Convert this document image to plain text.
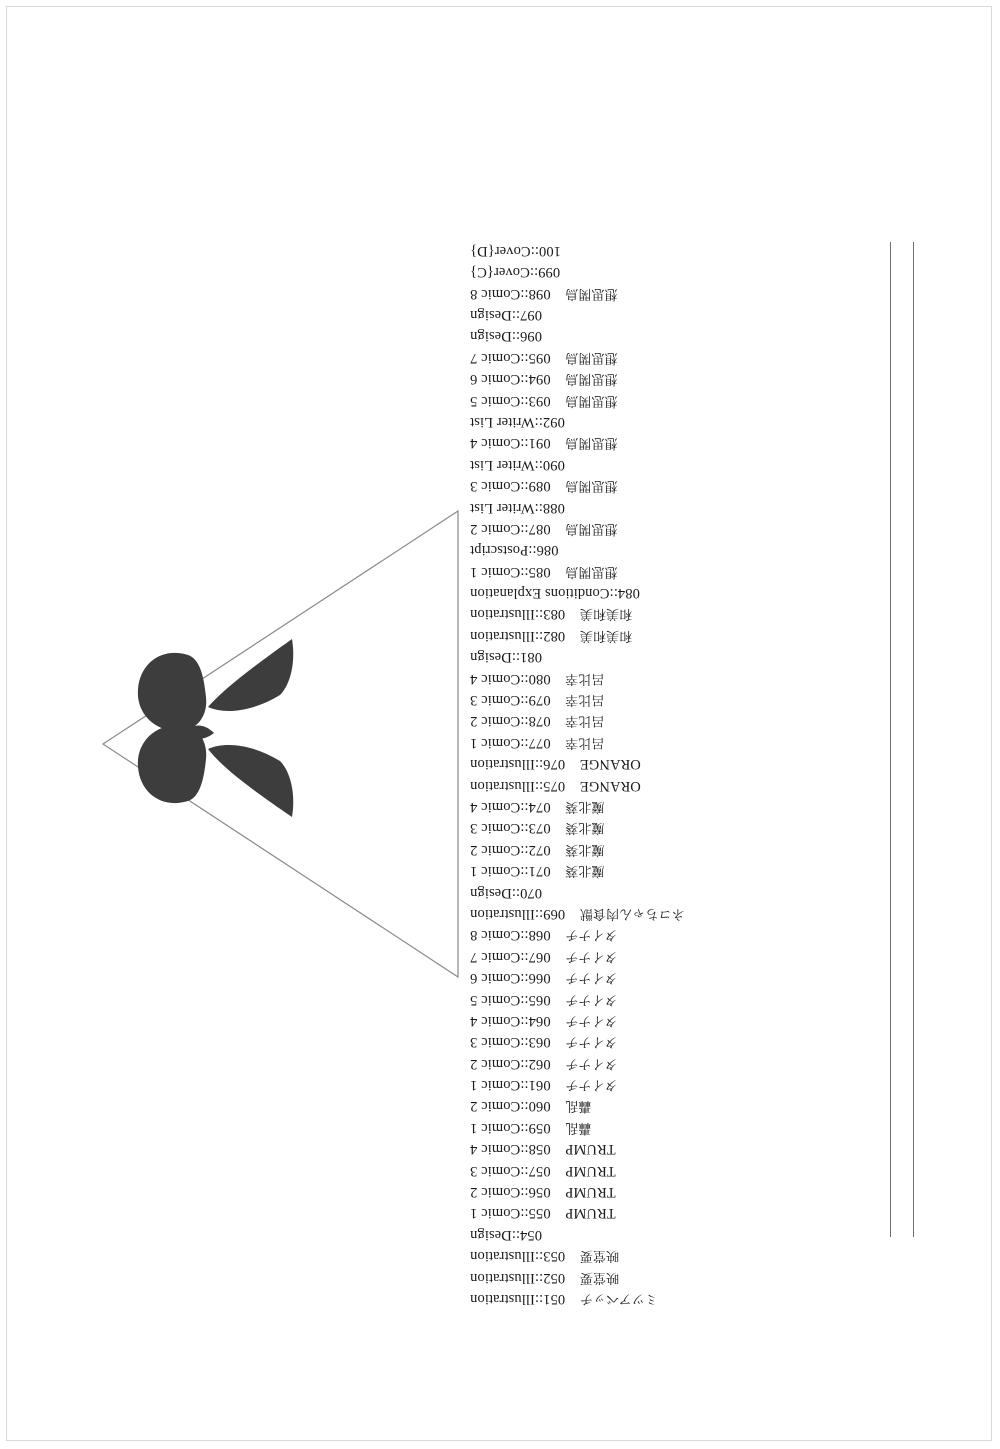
ミツアベッチ 051::Illustration
映堂要 052::Illustration
映堂要 053::Illustration
054::Design
TRUMP 055::Comic 1
TRUMP 056::Comic 2
TRUMP 057::Comic 3
TRUMP 058::Comic 4
轟乱 059::Comic 1
轟乱 060::Comic 2
タイナチ 061::Comic 1
タイナチ 062::Comic 2
タイナチ 063::Comic 3
タイナチ 064::Comic 4
タイナチ 065::Comic 5
タイナチ 066::Comic 6
タイナチ 067::Comic 7
タイナチ 068::Comic 8
ネコちゃん肉食獣 069::Illustration
070::Design
魔北葵 071::Comic 1
魔北葵 072::Comic 2
魔北葵 073::Comic 3
魔北葵 074::Comic 4
ORANGE 075::Illustration
ORANGE 076::Illustration
呂比幸 077::Comic 1
呂比幸 078::Comic 2
呂比幸 079::Comic 3
呂比幸 080::Comic 4
081::Design
和美和美 082::Illustration
和美和美 083::Illustration
084::Conditions Explanation
想思関鳥 085::Comic 1
086::Postscript
想思関鳥 087::Comic 2
088::Writer List
想思関鳥 089::Comic 3
090::Writer List
想思関鳥 091::Comic 4
092::Writer List
想思関鳥 093::Comic 5
想思関鳥 094::Comic 6
想思関鳥 095::Comic 7
096::Design
097::Design
想思関鳥 098::Comic 8
099::Cover{C}
100::Cover{D}
